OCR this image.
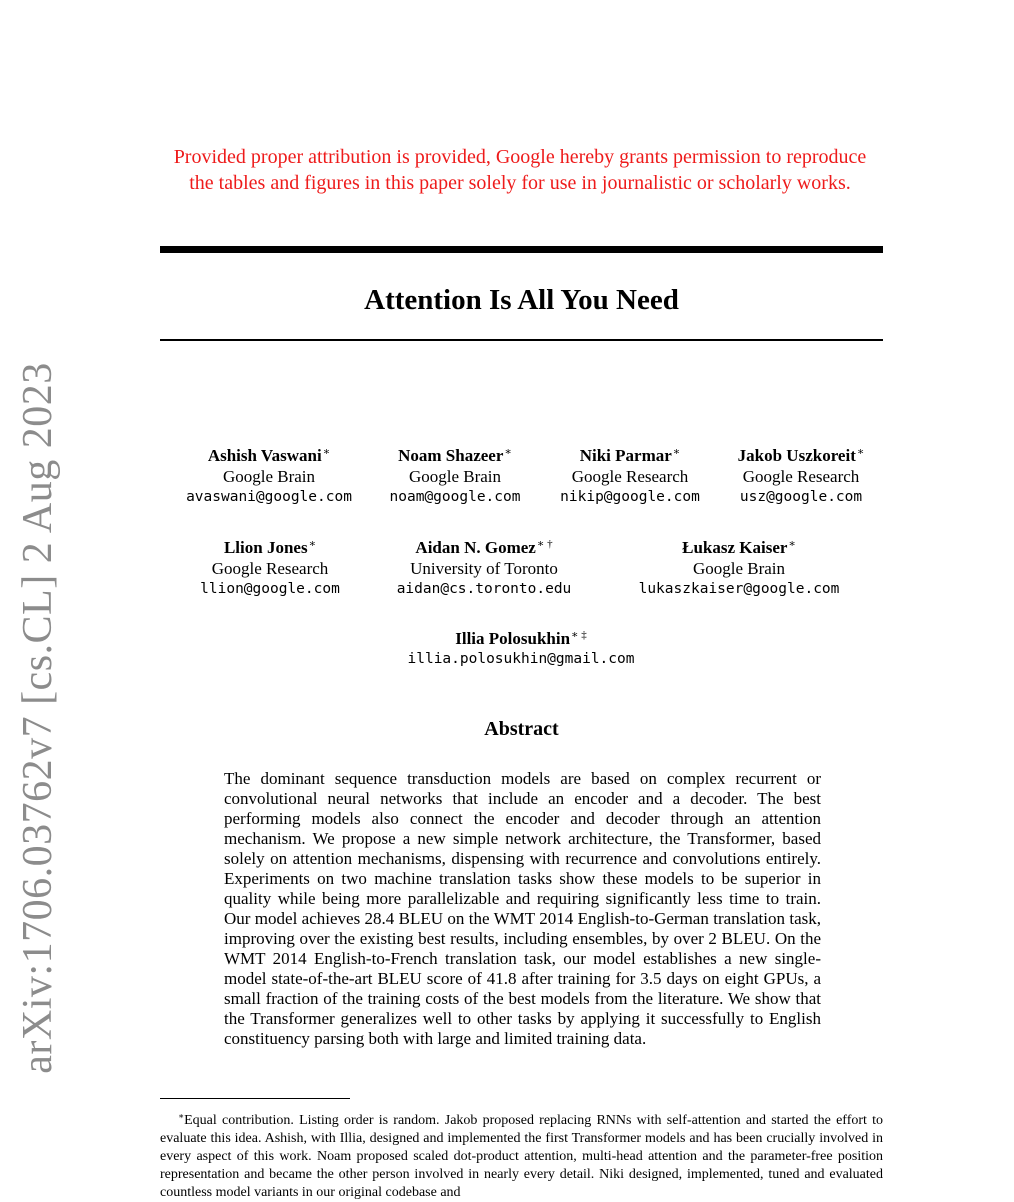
arXiv:1706.03762v7 [cs.CL] 2 Aug 2023
Provided proper attribution is provided, Google hereby grants permission to reproduce the tables and figures in this paper solely for use in journalistic or scholarly works.
Attention Is All You Need
Ashish Vaswani∗
Google Brain
avaswani@google.com
Noam Shazeer∗
Google Brain
noam@google.com
Niki Parmar∗
Google Research
nikip@google.com
Jakob Uszkoreit∗
Google Research
usz@google.com
Llion Jones∗
Google Research
llion@google.com
Aidan N. Gomez∗ †
University of Toronto
aidan@cs.toronto.edu
Łukasz Kaiser∗
Google Brain
lukaszkaiser@google.com
Illia Polosukhin∗ ‡
illia.polosukhin@gmail.com
Abstract
The dominant sequence transduction models are based on complex recurrent or convolutional neural networks that include an encoder and a decoder. The best performing models also connect the encoder and decoder through an attention mechanism. We propose a new simple network architecture, the Transformer, based solely on attention mechanisms, dispensing with recurrence and convolutions entirely. Experiments on two machine translation tasks show these models to be superior in quality while being more parallelizable and requiring significantly less time to train. Our model achieves 28.4 BLEU on the WMT 2014 English-to-German translation task, improving over the existing best results, including ensembles, by over 2 BLEU. On the WMT 2014 English-to-French translation task, our model establishes a new single-model state-of-the-art BLEU score of 41.8 after training for 3.5 days on eight GPUs, a small fraction of the training costs of the best models from the literature. We show that the Transformer generalizes well to other tasks by applying it successfully to English constituency parsing both with large and limited training data.
∗Equal contribution. Listing order is random. Jakob proposed replacing RNNs with self-attention and started the effort to evaluate this idea. Ashish, with Illia, designed and implemented the first Transformer models and has been crucially involved in every aspect of this work. Noam proposed scaled dot-product attention, multi-head attention and the parameter-free position representation and became the other person involved in nearly every detail. Niki designed, implemented, tuned and evaluated countless model variants in our original codebase and
